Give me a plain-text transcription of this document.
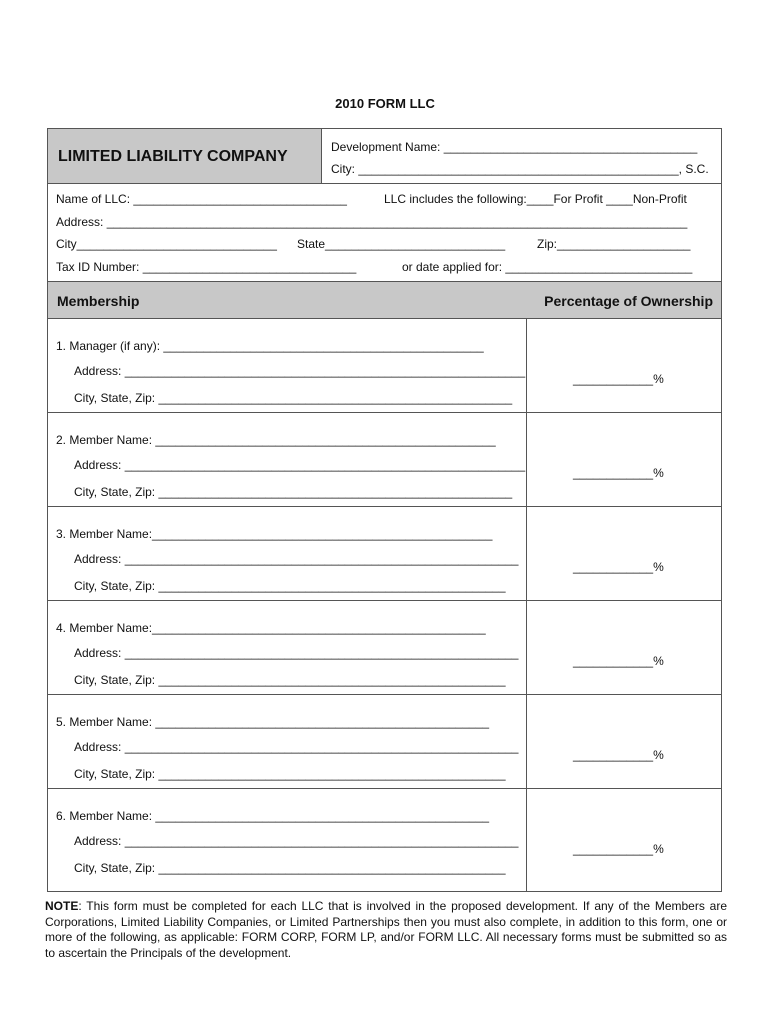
2010 FORM LLC
LIMITED LIABILITY COMPANY
Development Name: ______________________________________
City: ________________________________________________, S.C.
Name of LLC: ________________________________	LLC includes the following:____For Profit ____Non-Profit
Address: _______________________________________________________________________________________
City______________________________ State___________________________	Zip:____________________
Tax ID Number: ________________________________	or date applied for: ____________________________
Membership	Percentage of Ownership
1. Manager (if any): ________________________________________________
Address: ____________________________________________________________
City, State, Zip: _____________________________________________________
____________%
2. Member Name: ___________________________________________________
Address: ____________________________________________________________
City, State, Zip: _____________________________________________________
____________%
3. Member Name:___________________________________________________
Address: ___________________________________________________________
City, State, Zip: ____________________________________________________
____________%
4. Member Name:__________________________________________________
Address: ___________________________________________________________
City, State, Zip: ____________________________________________________
____________%
5. Member Name: __________________________________________________
Address: ___________________________________________________________
City, State, Zip: ____________________________________________________
____________%
6. Member Name: __________________________________________________
Address: ___________________________________________________________
City, State, Zip: ____________________________________________________
____________%
NOTE: This form must be completed for each LLC that is involved in the proposed development. If any of the Members are Corporations, Limited Liability Companies, or Limited Partnerships then you must also complete, in addition to this form, one or more of the following, as applicable: FORM CORP, FORM LP, and/or FORM LLC. All necessary forms must be submitted so as to ascertain the Principals of the development.
